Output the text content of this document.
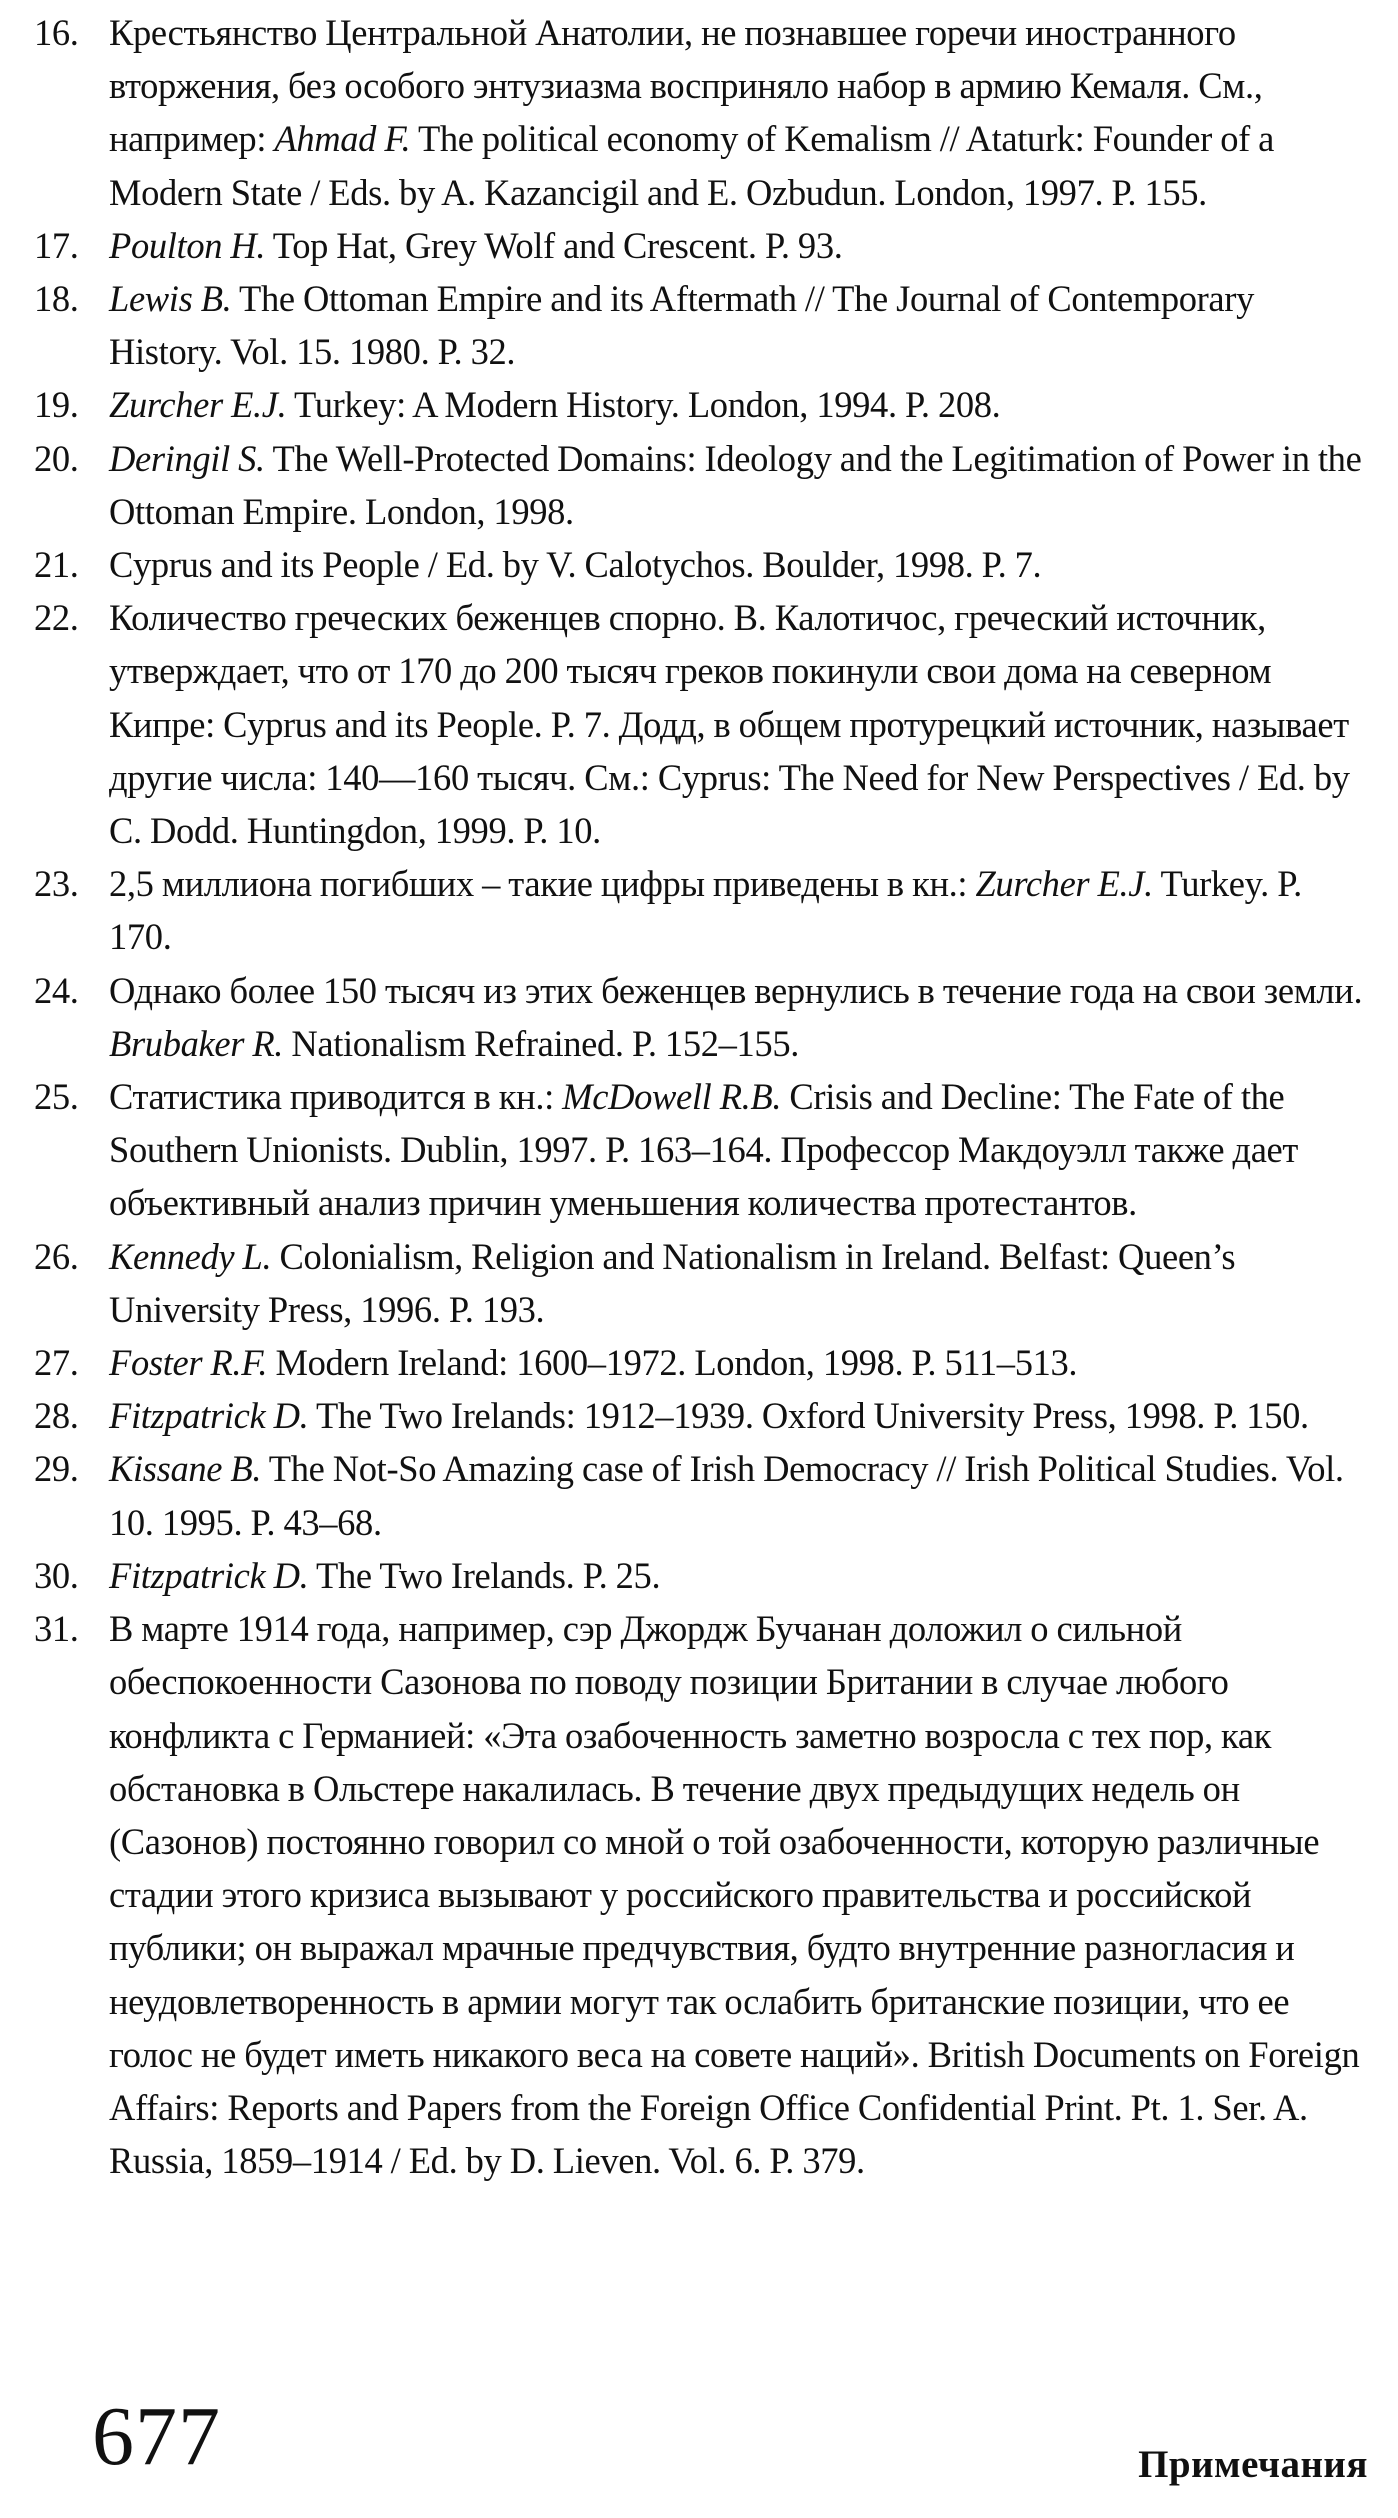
16. Крестьянство Центральной Анатолии, не познавшее горечи иностранного вторжения, без особого энтузиазма восприняло набор в армию Кемаля. См., например: Ahmad F. The political economy of Kemalism // Ataturk: Founder of a Modern State / Eds. by A. Kazancigil and E. Ozbudun. London, 1997. P. 155.
17. Poulton H. Top Hat, Grey Wolf and Crescent. P. 93.
18. Lewis B. The Ottoman Empire and its Aftermath // The Journal of Contemporary History. Vol. 15. 1980. P. 32.
19. Zurcher E.J. Turkey: A Modern History. London, 1994. P. 208.
20. Deringil S. The Well-Protected Domains: Ideology and the Legitimation of Power in the Ottoman Empire. London, 1998.
21. Cyprus and its People / Ed. by V. Calotychos. Boulder, 1998. P. 7.
22. Количество греческих беженцев спорно. В. Калотичос, греческий источник, утверждает, что от 170 до 200 тысяч греков покинули свои дома на северном Кипре: Cyprus and its People. P. 7. Додд, в общем протурецкий источник, называет другие числа: 140—160 тысяч. См.: Cyprus: The Need for New Perspectives / Ed. by C. Dodd. Huntingdon, 1999. P. 10.
23. 2,5 миллиона погибших – такие цифры приведены в кн.: Zurcher E.J. Turkey. P. 170.
24. Однако более 150 тысяч из этих беженцев вернулись в течение года на свои земли. Brubaker R. Nationalism Refrained. P. 152–155.
25. Статистика приводится в кн.: McDowell R.B. Crisis and Decline: The Fate of the Southern Unionists. Dublin, 1997. P. 163–164. Профессор Макдоуэлл также дает объективный анализ причин уменьшения количества протестантов.
26. Kennedy L. Colonialism, Religion and Nationalism in Ireland. Belfast: Queen’s University Press, 1996. P. 193.
27. Foster R.F. Modern Ireland: 1600–1972. London, 1998. P. 511–513.
28. Fitzpatrick D. The Two Irelands: 1912–1939. Oxford University Press, 1998. P. 150.
29. Kissane B. The Not-So Amazing case of Irish Democracy // Irish Political Studies. Vol. 10. 1995. P. 43–68.
30. Fitzpatrick D. The Two Irelands. P. 25.
31. В марте 1914 года, например, сэр Джордж Бучанан доложил о сильной обеспокоенности Сазонова по поводу позиции Британии в случае любого конфликта с Германией: «Эта озабоченность заметно возросла с тех пор, как обстановка в Ольстере накалилась. В течение двух предыдущих недель он (Сазонов) постоянно говорил со мной о той озабоченности, которую различные стадии этого кризиса вызывают у российского правительства и российской публики; он выражал мрачные предчувствия, будто внутренние разногласия и неудовлетворенность в армии могут так ослабить британские позиции, что ее голос не будет иметь никакого веса на совете наций». British Documents on Foreign Affairs: Reports and Papers from the Foreign Office Confidential Print. Pt. 1. Ser. A. Russia, 1859–1914 / Ed. by D. Lieven. Vol. 6. P. 379.
677	Примечания
